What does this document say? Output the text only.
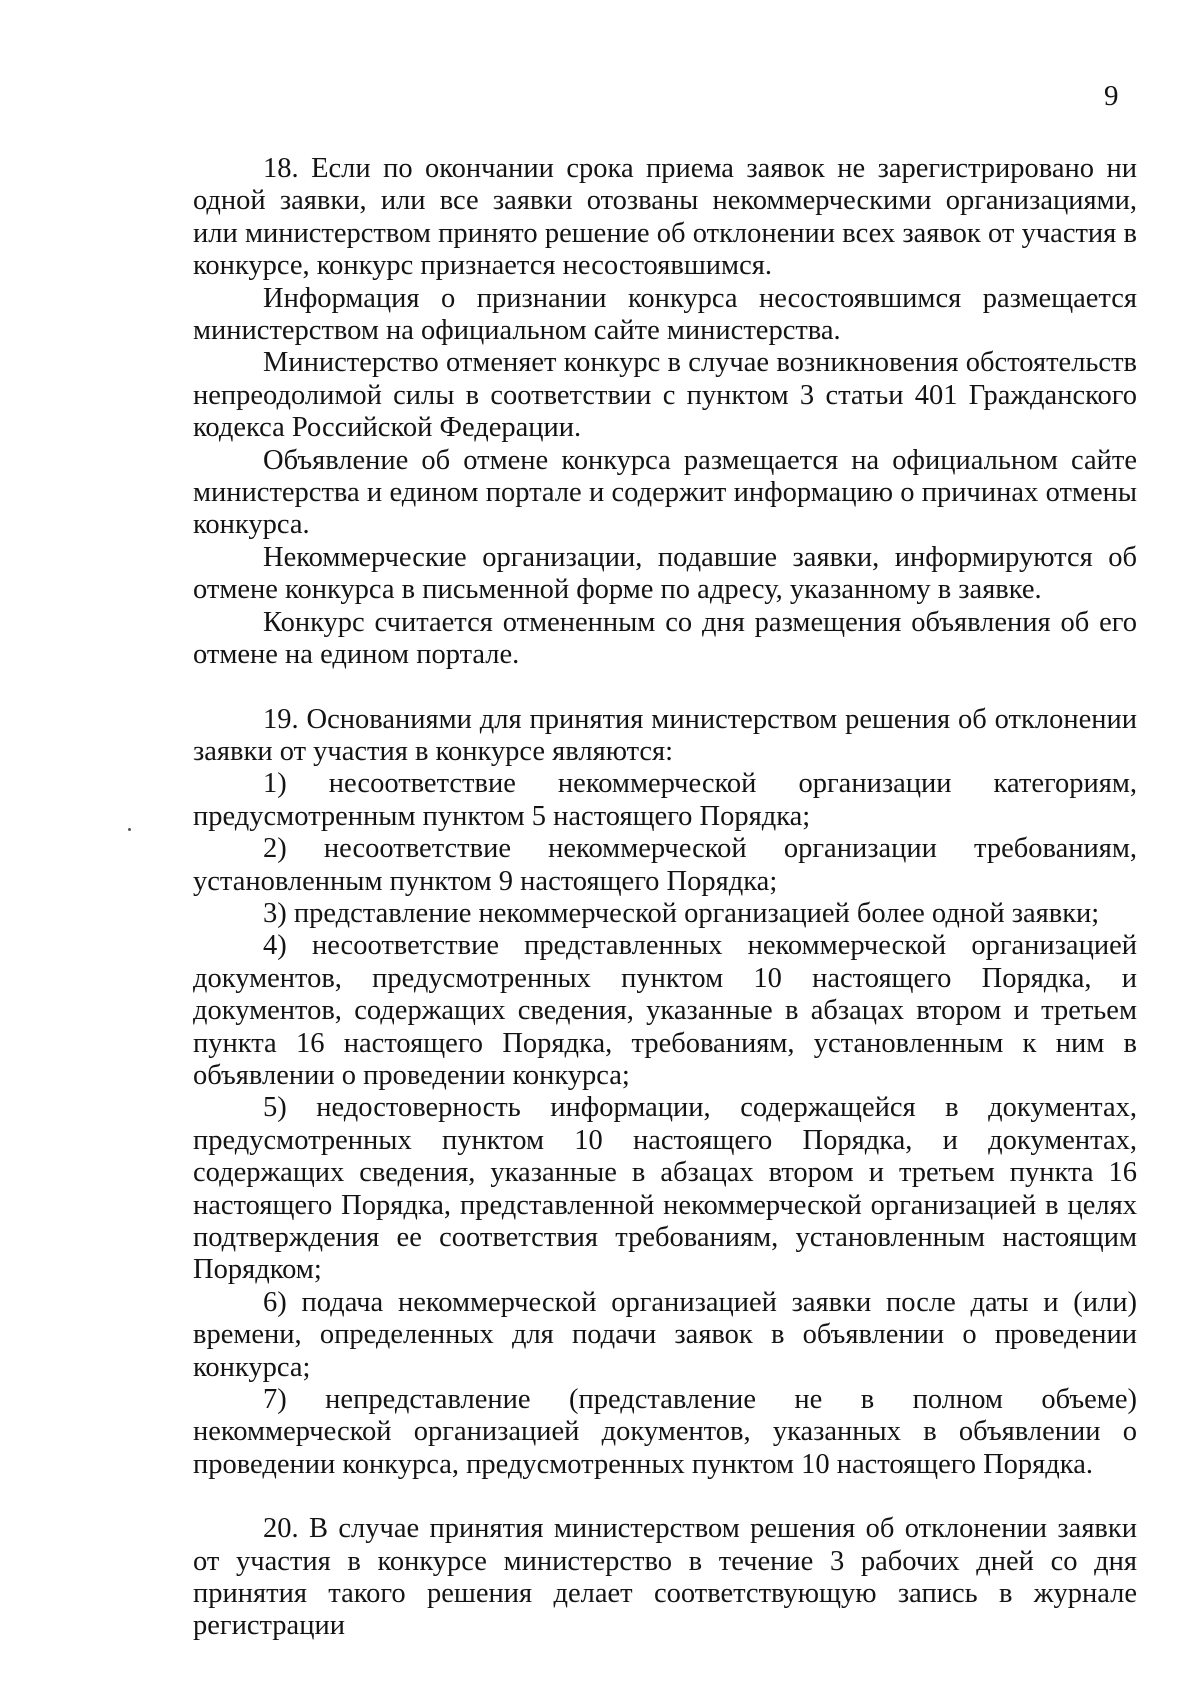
9

18. Если по окончании срока приема заявок не зарегистрировано ни одной заявки, или все заявки отозваны некоммерческими организациями, или министерством принято решение об отклонении всех заявок от участия в конкурсе, конкурс признается несостоявшимся.

Информация о признании конкурса несостоявшимся размещается министерством на официальном сайте министерства.

Министерство отменяет конкурс в случае возникновения обстоятельств непреодолимой силы в соответствии с пунктом 3 статьи 401 Гражданского кодекса Российской Федерации.

Объявление об отмене конкурса размещается на официальном сайте министерства и едином портале и содержит информацию о причинах отмены конкурса.

Некоммерческие организации, подавшие заявки, информируются об отмене конкурса в письменной форме по адресу, указанному в заявке.

Конкурс считается отмененным со дня размещения объявления об его отмене на едином портале.

19. Основаниями для принятия министерством решения об отклонении заявки от участия в конкурсе являются:

1) несоответствие некоммерческой организации категориям, предусмотренным пунктом 5 настоящего Порядка;

2) несоответствие некоммерческой организации требованиям, установленным пунктом 9 настоящего Порядка;

3) представление некоммерческой организацией более одной заявки;

4) несоответствие представленных некоммерческой организацией документов, предусмотренных пунктом 10 настоящего Порядка, и документов, содержащих сведения, указанные в абзацах втором и третьем пункта 16 настоящего Порядка, требованиям, установленным к ним в объявлении о проведении конкурса;

5) недостоверность информации, содержащейся в документах, предусмотренных пунктом 10 настоящего Порядка, и документах, содержащих сведения, указанные в абзацах втором и третьем пункта 16 настоящего Порядка, представленной некоммерческой организацией в целях подтверждения ее соответствия требованиям, установленным настоящим Порядком;

6) подача некоммерческой организацией заявки после даты и (или) времени, определенных для подачи заявок в объявлении о проведении конкурса;

7) непредставление (представление не в полном объеме) некоммерческой организацией документов, указанных в объявлении о проведении конкурса, предусмотренных пунктом 10 настоящего Порядка.

20. В случае принятия министерством решения об отклонении заявки от участия в конкурсе министерство в течение 3 рабочих дней со дня принятия такого решения делает соответствующую запись в журнале регистрации
